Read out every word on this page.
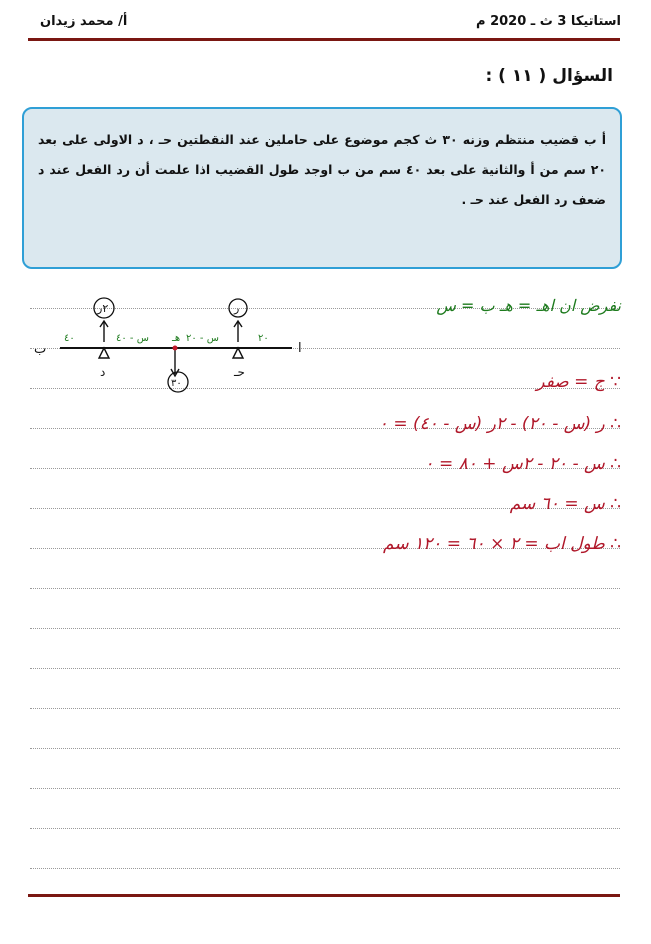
استاتيكا 3 ث ـ 2020 م
أ/ محمد زيدان
السؤال ( ١١ ) :
أ ب قضيب منتظم وزنه ٣٠ ث كجم موضوع على حاملين عند النقطتين حـ ، د الاولى على بعد ٢٠ سم من أ والثانية على بعد ٤٠ سم من ب اوجد طول القضيب اذا علمت أن رد الفعل عند د ضعف رد الفعل عند حـ .
ب	ا
د
٢ر
حـ
ر
٣٠
٤٠	س - ٤٠ هـ س - ٢٠	٢٠
نفرض ان اهـ = هـ ب = س
∵ ج = صفر
∴ ر (س - ٢٠) - ٢ر (س - ٤٠) = ٠
∴ س - ٢٠ - ٢س + ٨٠ = ٠
∴ س = ٦٠ سم
∴ طول اب = ٢ × ٦٠ = ١٢٠ سم
